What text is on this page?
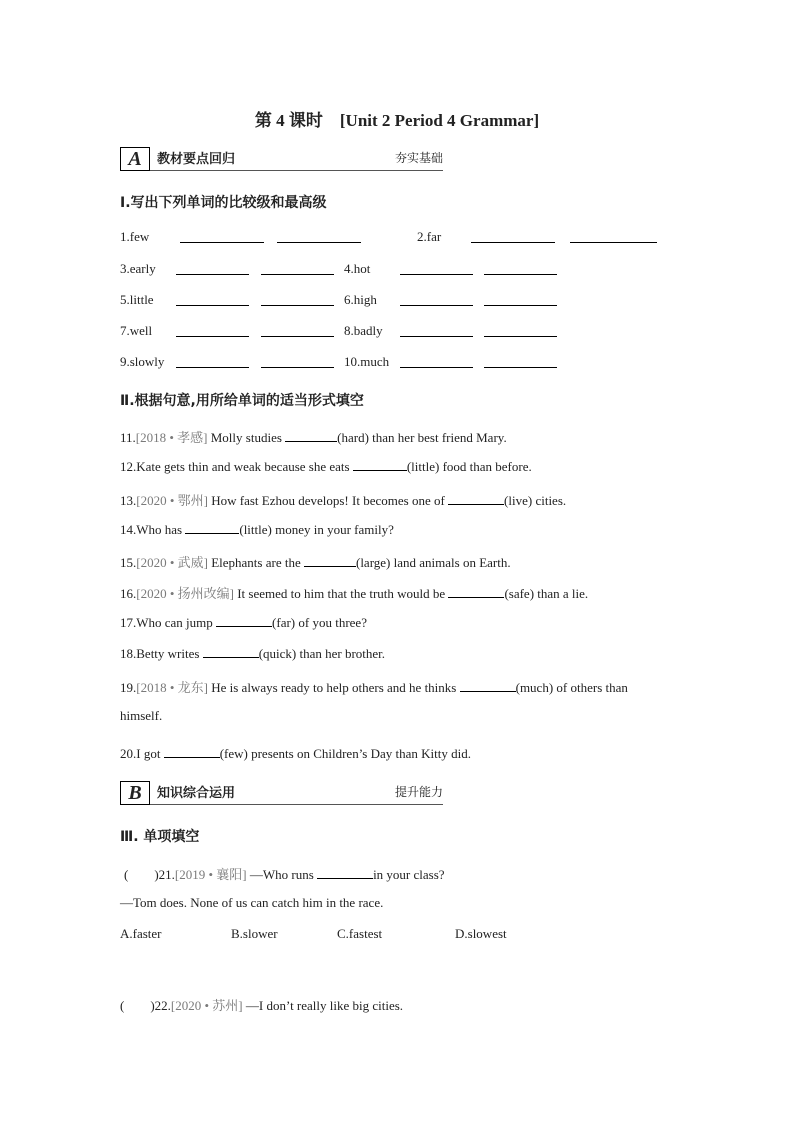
第 4 课时　[Unit 2 Period 4 Grammar]
A	教材要点回归	夯实基础
Ⅰ.写出下列单词的比较级和最高级
1.few	2.far
3.early	4.hot
5.little	6.high
7.well	8.badly
9.slowly	10.much
Ⅱ.根据句意,用所给单词的适当形式填空
11.[2018 • 孝感] Molly studies	(hard) than her best friend Mary.
12.Kate gets thin and weak because she eats	(little) food than before.
13.[2020 • 鄂州] How fast Ezhou develops! It becomes one of	(live) cities.
14.Who has	(little) money in your family?
15.[2020 • 武威] Elephants are the	(large) land animals on Earth.
16.[2020 • 扬州改编] It seemed to him that the truth would be	(safe) than a lie.
17.Who can jump	(far) of you three?
18.Betty writes	(quick) than her brother.
19.[2018 • 龙东] He is always ready to help others and he thinks	(much) of others than
himself.
20.I got	(few) presents on Children’s Day than Kitty did.
B	知识综合运用	提升能力
Ⅲ. 单项填空
(　　)21.[2019 • 襄阳] —Who runs	in your class?
—Tom does. None of us can catch him in the race.
A.faster	B.slower	C.fastest	D.slowest
(　　)22.[2020 • 苏州] —I don’t really like big cities.
